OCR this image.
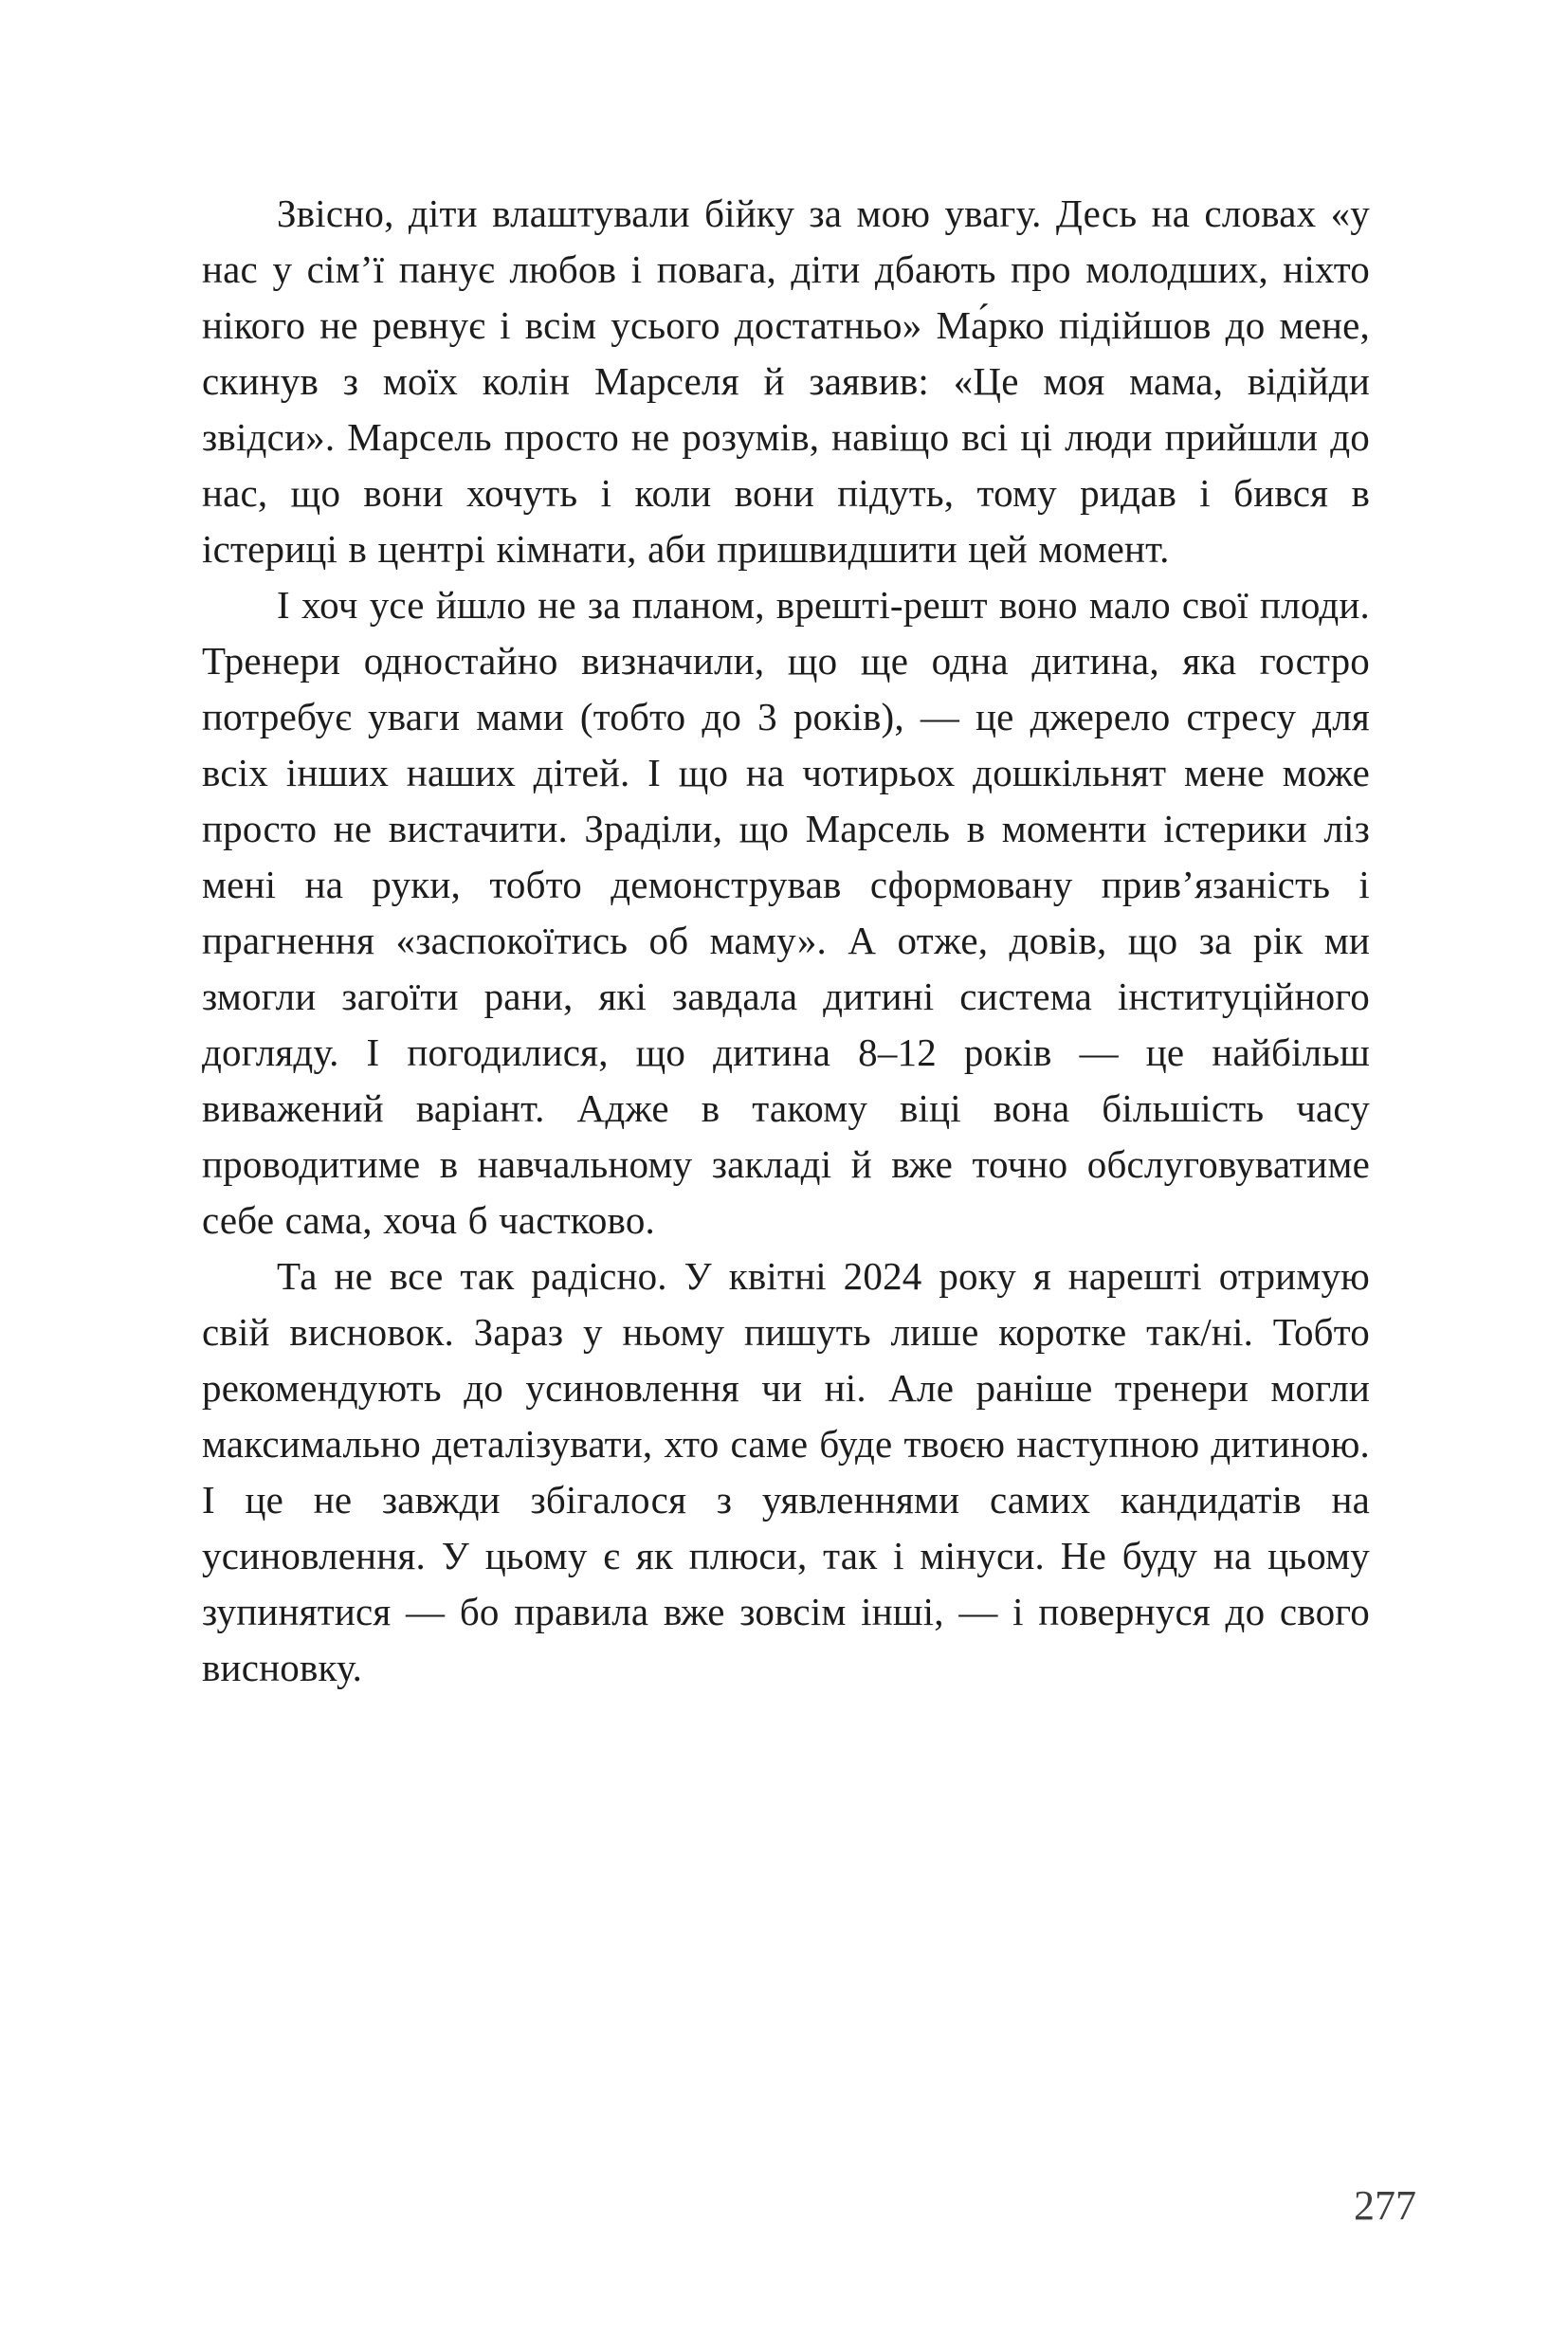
Звісно, діти влаштували бійку за мою увагу. Десь на словах «у нас у сім’ї панує любов і повага, діти дбають про молодших, ніхто нікого не ревнує і всім усього достатньо» Ма́рко підійшов до мене, скинув з моїх колін Марселя й заявив: «Це моя мама, відійди звідси». Марсель просто не розумів, навіщо всі ці люди прийшли до нас, що вони хочуть і коли вони підуть, тому ридав і бився в істериці в центрі кімнати, аби пришвидшити цей момент.

І хоч усе йшло не за планом, врешті-решт воно мало свої плоди. Тренери одностайно визначили, що ще одна дитина, яка гостро потребує уваги мами (тобто до 3 років), — це джерело стресу для всіх інших наших дітей. І що на чотирьох дошкільнят мене може просто не вистачити. Зраділи, що Марсель в моменти істерики ліз мені на руки, тобто демонстрував сформовану прив’язаність і прагнення «заспокоїтись об маму». А отже, довів, що за рік ми змогли загоїти рани, які завдала дитині система інституційного догляду. І погодилися, що дитина 8–12 років — це найбільш виважений варіант. Адже в такому віці вона більшість часу проводитиме в навчальному закладі й вже точно обслуговуватиме себе сама, хоча б частково.

Та не все так радісно. У квітні 2024 року я нарешті отримую свій висновок. Зараз у ньому пишуть лише коротке так/ні. Тобто рекомендують до усиновлення чи ні. Але раніше тренери могли максимально деталізувати, хто саме буде твоєю наступною дитиною. І це не завжди збігалося з уявленнями самих кандидатів на усиновлення. У цьому є як плюси, так і мінуси. Не буду на цьому зупинятися — бо правила вже зовсім інші, — і повернуся до свого висновку.

277
